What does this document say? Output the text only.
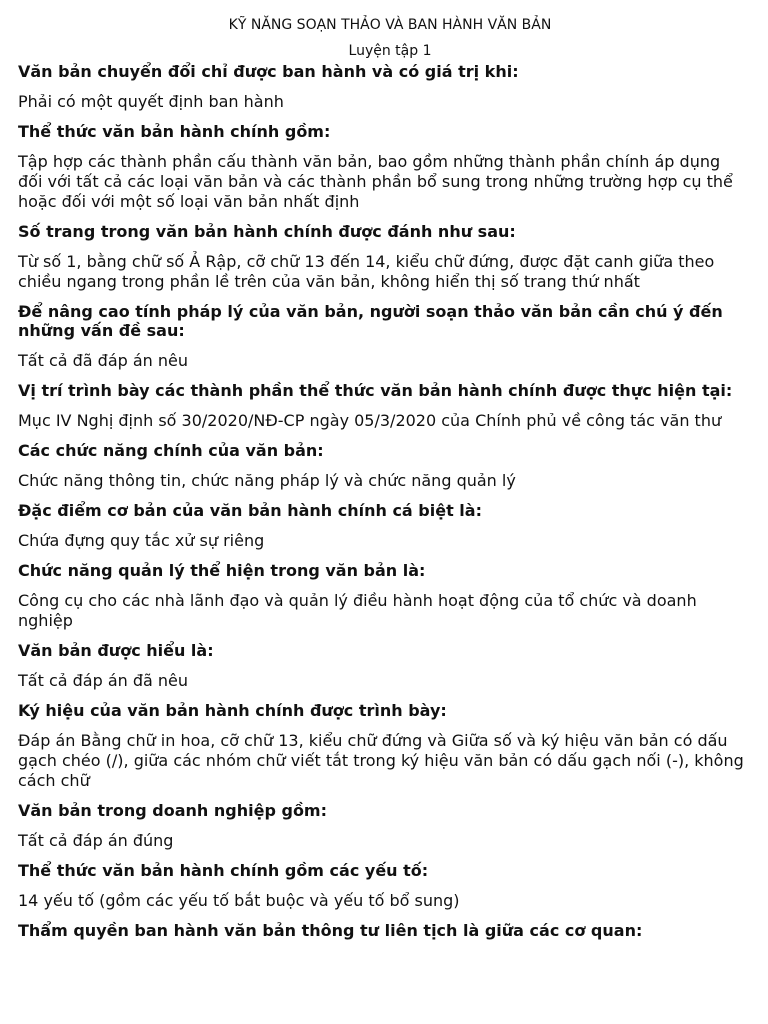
KỸ NĂNG SOẠN THẢO VÀ BAN HÀNH VĂN BẢN
Luyện tập 1

Văn bản chuyển đổi chỉ được ban hành và có giá trị khi:

Phải có một quyết định ban hành

Thể thức văn bản hành chính gồm:

Tập hợp các thành phần cấu thành văn bản, bao gồm những thành phần chính áp dụng đối với tất cả các loại văn bản và các thành phần bổ sung trong những trường hợp cụ thể hoặc đối với một số loại văn bản nhất định

Số trang trong văn bản hành chính được đánh như sau:

Từ số 1, bằng chữ số Ả Rập, cỡ chữ 13 đến 14, kiểu chữ đứng, được đặt canh giữa theo chiều ngang trong phần lề trên của văn bản, không hiển thị số trang thứ nhất

Để nâng cao tính pháp lý của văn bản, người soạn thảo văn bản cần chú ý đến những vấn đề sau:

Tất cả đã đáp án nêu

Vị trí trình bày các thành phần thể thức văn bản hành chính được thực hiện tại:

Mục IV Nghị định số 30/2020/NĐ-CP ngày 05/3/2020 của Chính phủ về công tác văn thư

Các chức năng chính của văn bản:

Chức năng thông tin, chức năng pháp lý và chức năng quản lý

Đặc điểm cơ bản của văn bản hành chính cá biệt là:

Chứa đựng quy tắc xử sự riêng

Chức năng quản lý thể hiện trong văn bản là:

Công cụ cho các nhà lãnh đạo và quản lý điều hành hoạt động của tổ chức và doanh nghiệp

Văn bản được hiểu là:

Tất cả đáp án đã nêu

Ký hiệu của văn bản hành chính được trình bày:

Đáp án Bằng chữ in hoa, cỡ chữ 13, kiểu chữ đứng và Giữa số và ký hiệu văn bản có dấu gạch chéo (/), giữa các nhóm chữ viết tắt trong ký hiệu văn bản có dấu gạch nối (-), không cách chữ

Văn bản trong doanh nghiệp gồm:

Tất cả đáp án đúng

Thể thức văn bản hành chính gồm các yếu tố:

14 yếu tố (gồm các yếu tố bắt buộc và yếu tố bổ sung)

Thẩm quyền ban hành văn bản thông tư liên tịch là giữa các cơ quan:
